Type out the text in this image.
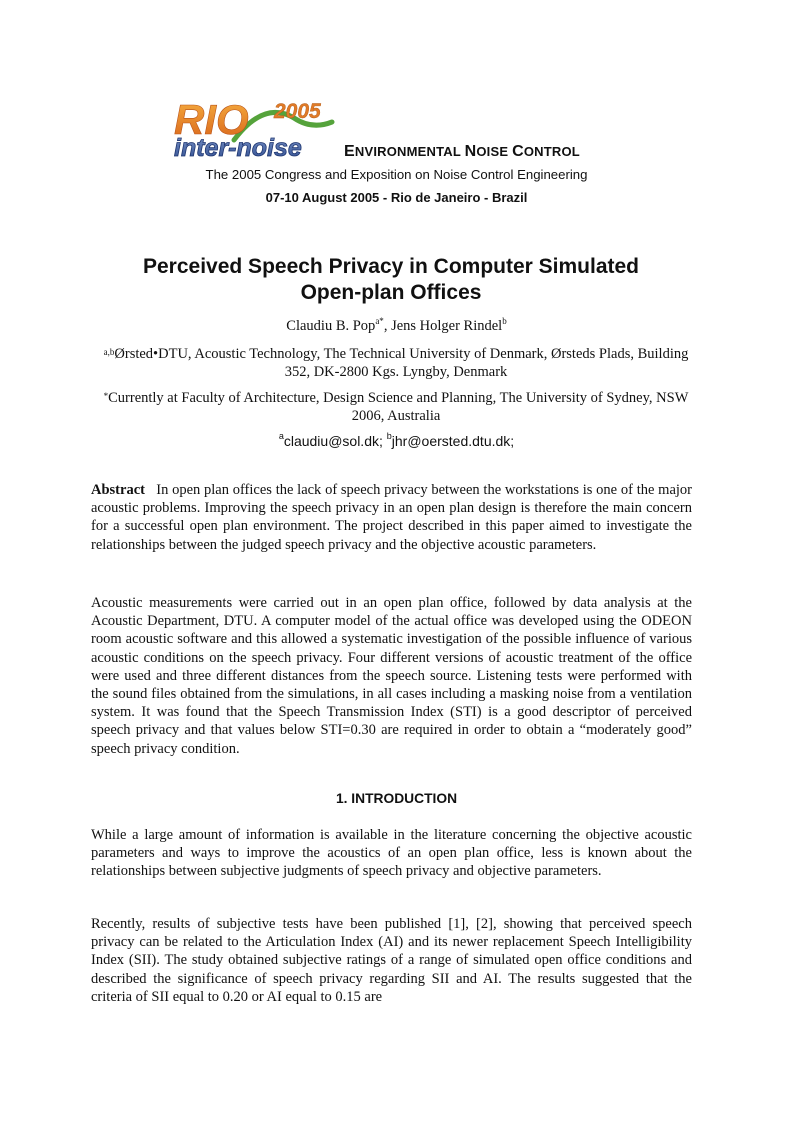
RIO 2005
inter-noise	ENVIRONMENTAL NOISE CONTROL
The 2005 Congress and Exposition on Noise Control Engineering
07-10 August 2005 - Rio de Janeiro - Brazil
Perceived Speech Privacy in Computer Simulated
Open-plan Offices
Claudiu B. Pop$^{a*}$, Jens Holger Rindel$^b$
$^{a,b}$Ørsted•DTU, Acoustic Technology, The Technical University of Denmark, Ørsteds Plads, Building 352, DK-2800 Kgs. Lyngby, Denmark
*Currently at Faculty of Architecture, Design Science and Planning, The University of Sydney, NSW 2006, Australia
$^a$claudiu@sol.dk; $^b$jhr@oersted.dtu.dk;
Abstract   In open plan offices the lack of speech privacy between the workstations is one of the major acoustic problems. Improving the speech privacy in an open plan design is therefore the main concern for a successful open plan environment. The project described in this paper aimed to investigate the relationships between the judged speech privacy and the objective acoustic parameters.
Acoustic measurements were carried out in an open plan office, followed by data analysis at the Acoustic Department, DTU. A computer model of the actual office was developed using the ODEON room acoustic software and this allowed a systematic investigation of the possible influence of various acoustic conditions on the speech privacy. Four different versions of acoustic treatment of the office were used and three different distances from the speech source. Listening tests were performed with the sound files obtained from the simulations, in all cases including a masking noise from a ventilation system. It was found that the Speech Transmission Index (STI) is a good descriptor of perceived speech privacy and that values below STI=0.30 are required in order to obtain a “moderately good” speech privacy condition.
1. INTRODUCTION
While a large amount of information is available in the literature concerning the objective acoustic parameters and ways to improve the acoustics of an open plan office, less is known about the relationships between subjective judgments of speech privacy and objective parameters.
Recently, results of subjective tests have been published [1], [2], showing that perceived speech privacy can be related to the Articulation Index (AI) and its newer replacement Speech Intelligibility Index (SII). The study obtained subjective ratings of a range of simulated open office conditions and described the significance of speech privacy regarding SII and AI. The results suggested that the criteria of SII equal to 0.20 or AI equal to 0.15 are
